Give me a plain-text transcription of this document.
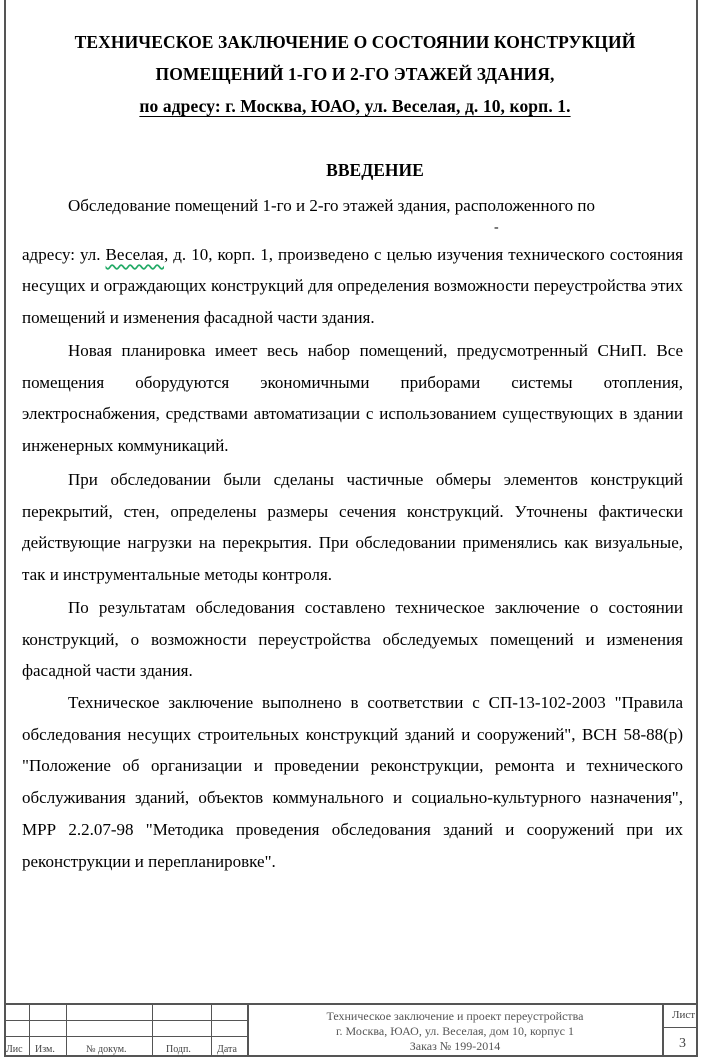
ТЕХНИЧЕСКОЕ ЗАКЛЮЧЕНИЕ О СОСТОЯНИИ КОНСТРУКЦИЙ
ПОМЕЩЕНИЙ 1-ГО И 2-ГО ЭТАЖЕЙ ЗДАНИЯ,
по адресу: г. Москва, ЮАО, ул. Веселая, д. 10, корп. 1.
ВВЕДЕНИЕ
-
Обследование помещений 1-го и 2-го этажей здания, расположенного по
адресу: ул. Веселая, д. 10, корп. 1, произведено с целью изучения технического состояния несущих и ограждающих конструкций для определения возможности переустройства этих помещений и изменения фасадной части здания.
Новая планировка имеет весь набор помещений, предусмотренный СНиП. Все помещения оборудуются экономичными приборами системы отопления, электроснабжения, средствами автоматизации с использованием существующих в здании инженерных коммуникаций.
При обследовании были сделаны частичные обмеры элементов конструкций перекрытий, стен, определены размеры сечения конструкций. Уточнены фактически действующие нагрузки на перекрытия. При обследовании применялись как визуальные, так и инструментальные методы контроля.
По результатам обследования составлено техническое заключение о состоянии конструкций, о возможности переустройства обследуемых помещений и изменения фасадной части здания.
Техническое заключение выполнено в соответствии с СП-13-102-2003 "Правила обследования несущих строительных конструкций зданий и сооружений", ВСН 58-88(р) "Положение об организации и проведении реконструкции, ремонта и технического обслуживания зданий, объектов коммунального и социально-культурного назначения", МРР 2.2.07-98 "Методика проведения обследования зданий и сооружений при их реконструкции и перепланировке".
Лис Изм.	№ докум.	Подп.	Дата
Техническое заключение и проект переустройства
г. Москва, ЮАО, ул. Веселая, дом 10, корпус 1
Заказ № 199-2014
Лист
3
